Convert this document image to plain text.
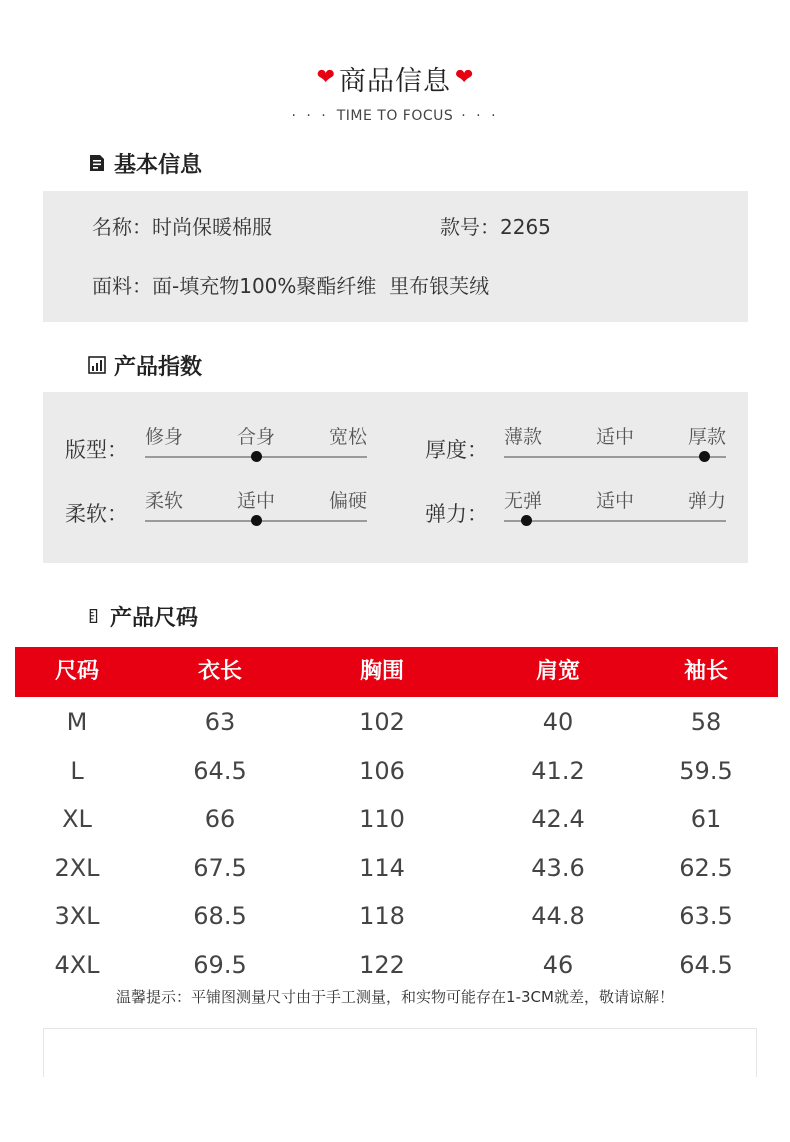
❤ 商品信息 ❤
· · · TIME TO FOCUS · · ·
基本信息
名称：时尚保暖棉服	款号：2265
面料：面-填充物100%聚酯纤维  里布银芙绒
产品指数
版型：
修身	合身	宽松
厚度：
薄款	适中	厚款
柔软：
柔软	适中	偏硬
弹力：
无弹	适中	弹力
产品尺码
尺码	衣长	胸围	肩宽	袖长
M	63	102	40	58
L	64.5	106	41.2	59.5
XL	66	110	42.4	61
2XL	67.5	114	43.6	62.5
3XL	68.5	118	44.8	63.5
4XL	69.5	122	46	64.5
温馨提示：平铺图测量尺寸由于手工测量，和实物可能存在1-3CM就差，敬请谅解！
